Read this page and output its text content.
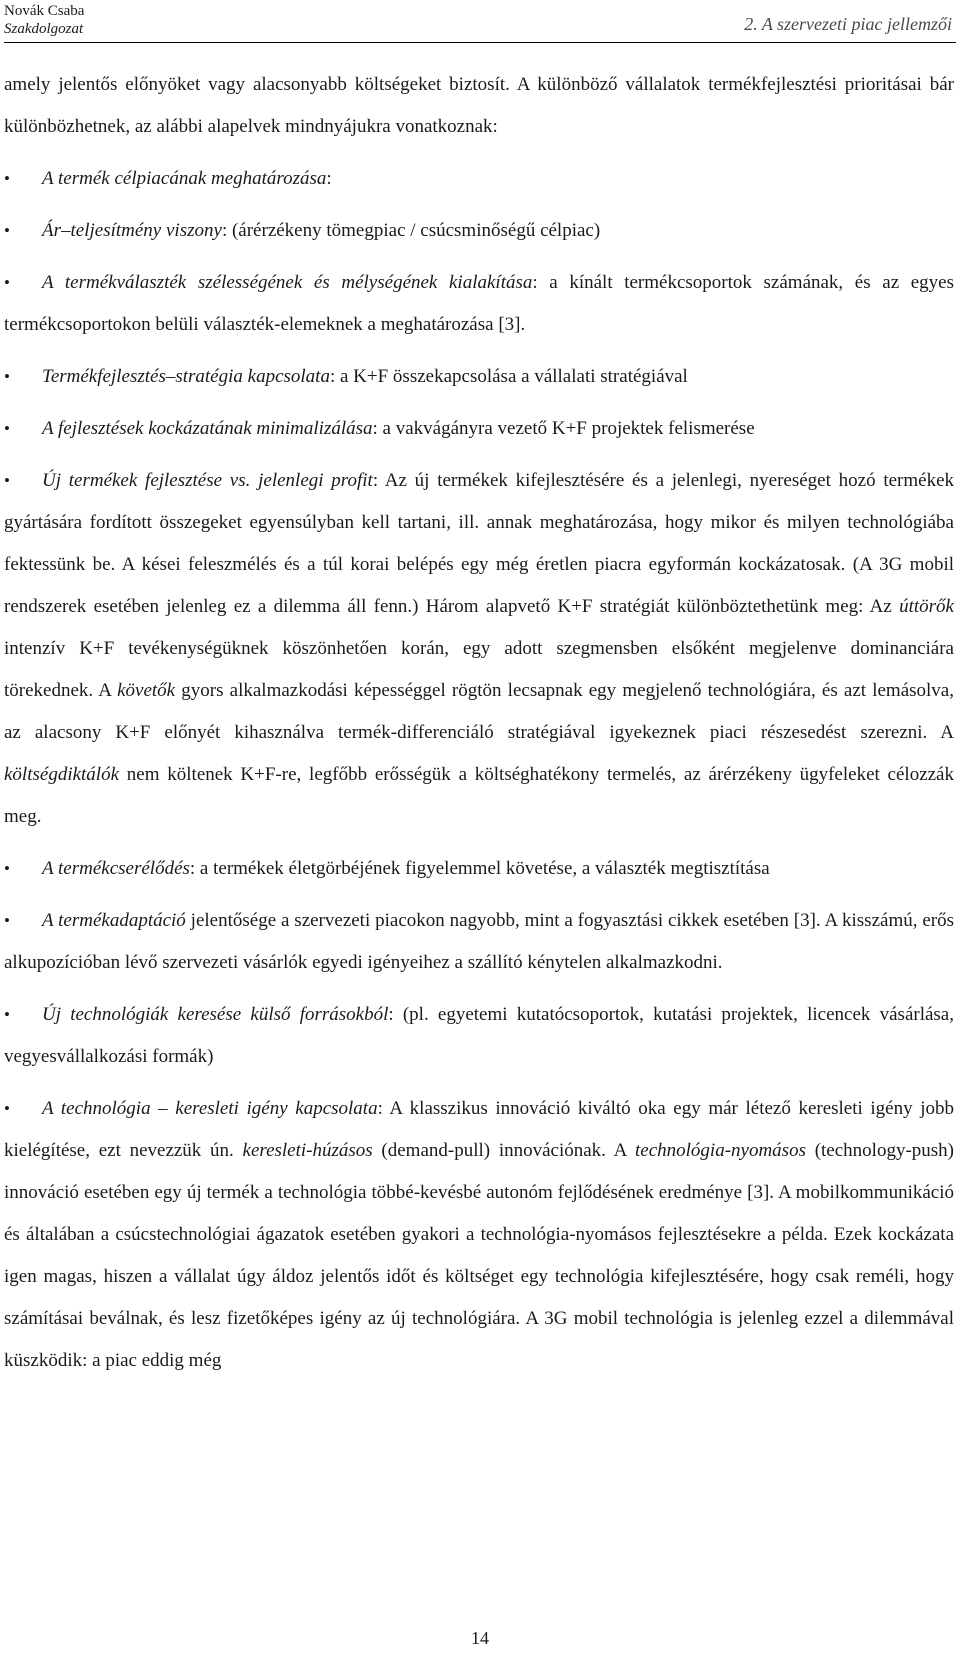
Novák Csaba
Szakdolgozat	2. A szervezeti piac jellemzői

amely jelentős előnyöket vagy alacsonyabb költségeket biztosít. A különböző vállalatok termékfejlesztési prioritásai bár különbözhetnek, az alábbi alapelvek mindnyájukra vonatkoznak:

•	A termék célpiacának meghatározása:
•	Ár–teljesítmény viszony: (árérzékeny tömegpiac / csúcsminőségű célpiac)
• A termékválaszték szélességének és mélységének kialakítása: a kínált termékcsoportok számának, és az egyes termékcsoportokon belüli választék-elemeknek a meghatározása [3].
•	Termékfejlesztés–stratégia kapcsolata: a K+F összekapcsolása a vállalati stratégiával
•	A fejlesztések kockázatának minimalizálása: a vakvágányra vezető K+F projektek felismerése
• Új termékek fejlesztése vs. jelenlegi profit: Az új termékek kifejlesztésére és a jelenlegi, nyereséget hozó termékek gyártására fordított összegeket egyensúlyban kell tartani, ill. annak meghatározása, hogy mikor és milyen technológiába fektessünk be. A kései feleszmélés és a túl korai belépés egy még éretlen piacra egyformán kockázatosak. (A 3G mobil rendszerek esetében jelenleg ez a dilemma áll fenn.) Három alapvető K+F stratégiát különböztethetünk meg: Az úttörők intenzív K+F tevékenységüknek köszönhetően korán, egy adott szegmensben elsőként megjelenve dominanciára törekednek. A követők gyors alkalmazkodási képességgel rögtön lecsapnak egy megjelenő technológiára, és azt lemásolva, az alacsony K+F előnyét kihasználva termék-differenciáló stratégiával igyekeznek piaci részesedést szerezni. A költségdiktálók nem költenek K+F-re, legfőbb erősségük a költséghatékony termelés, az árérzékeny ügyfeleket célozzák meg.
•	A termékcserélődés: a termékek életgörbéjének figyelemmel követése, a választék megtisztítása
• A termékadaptáció jelentősége a szervezeti piacokon nagyobb, mint a fogyasztási cikkek esetében [3]. A kisszámú, erős alkupozícióban lévő szervezeti vásárlók egyedi igényeihez a szállító kénytelen alkalmazkodni.
• Új technológiák keresése külső forrásokból: (pl. egyetemi kutatócsoportok, kutatási projektek, licencek vásárlása, vegyesvállalkozási formák)
• A technológia – keresleti igény kapcsolata: A klasszikus innováció kiváltó oka egy már létező keresleti igény jobb kielégítése, ezt nevezzük ún. keresleti-húzásos (demand-pull) innovációnak. A technológia-nyomásos (technology-push) innováció esetében egy új termék a technológia többé-kevésbé autonóm fejlődésének eredménye [3]. A mobilkommunikáció és általában a csúcstechnológiai ágazatok esetében gyakori a technológia-nyomásos fejlesztésekre a példa. Ezek kockázata igen magas, hiszen a vállalat úgy áldoz jelentős időt és költséget egy technológia kifejlesztésére, hogy csak reméli, hogy számításai beválnak, és lesz fizetőképes igény az új technológiára. A 3G mobil technológia is jelenleg ezzel a dilemmával küszködik: a piac eddig még
14
